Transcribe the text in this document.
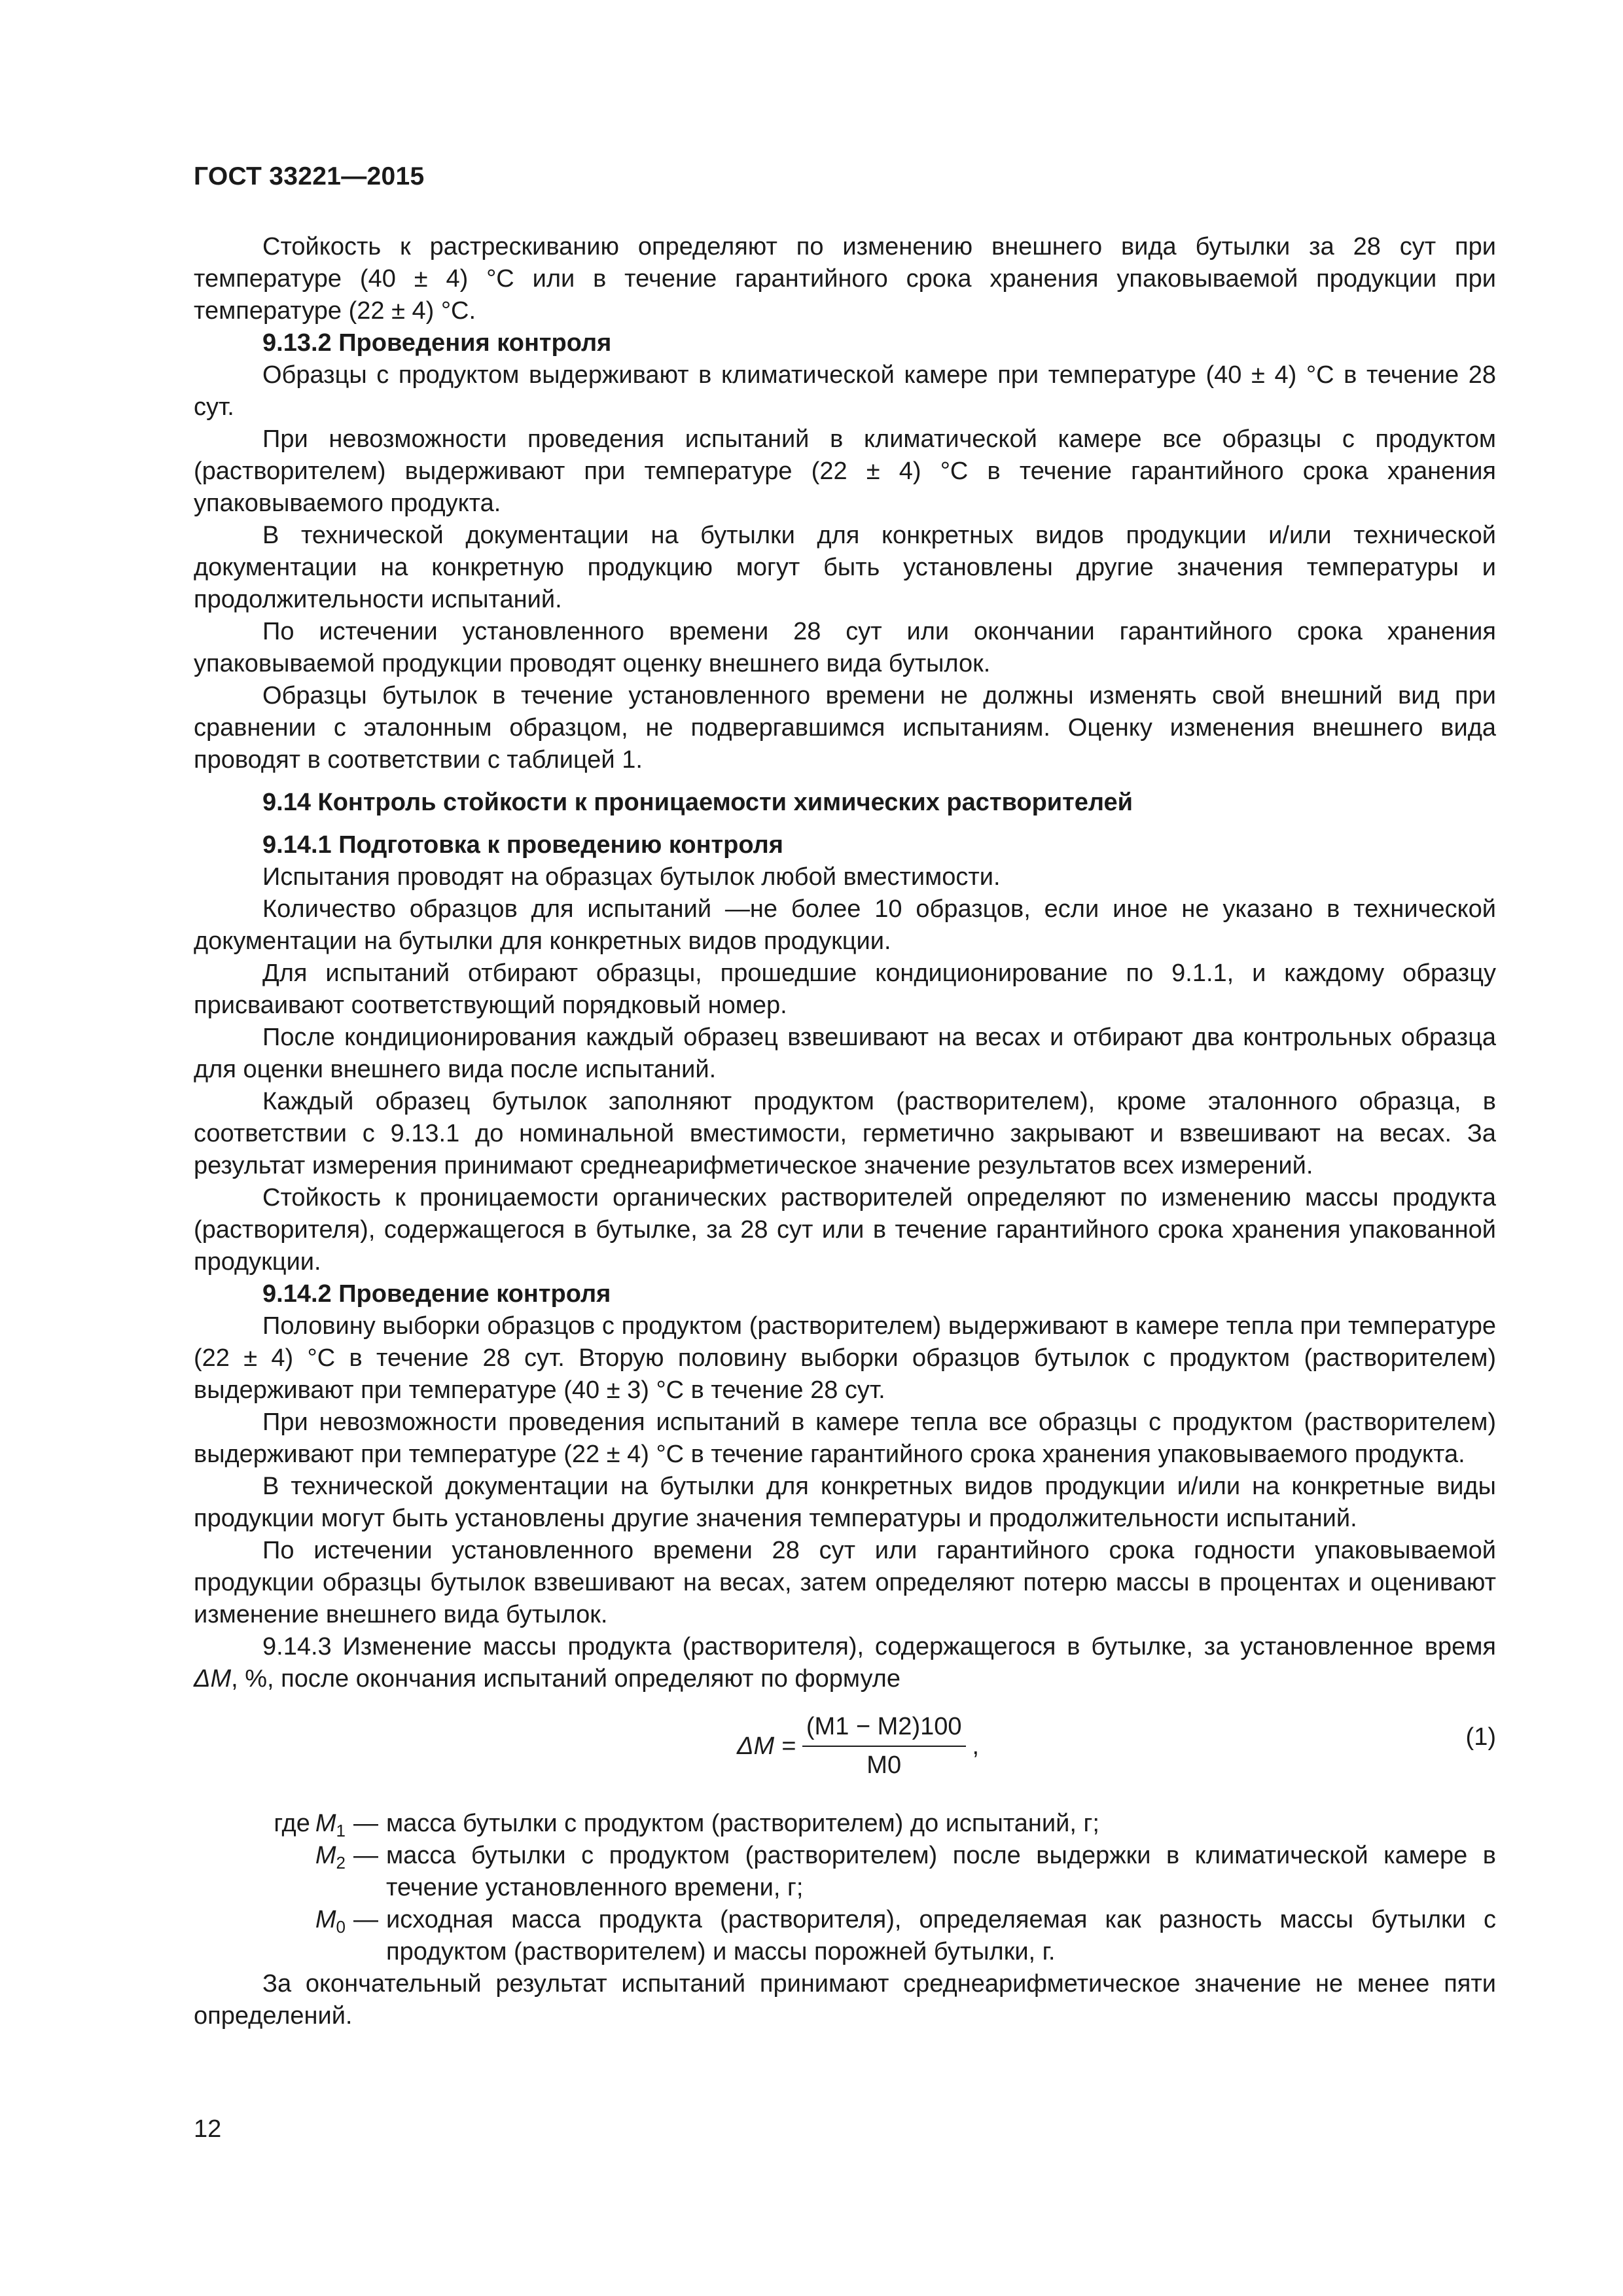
ГОСТ 33221—2015

Стойкость к растрескиванию определяют по изменению внешнего вида бутылки за 28 сут при температуре (40 ± 4) °С или в течение гарантийного срока хранения упаковываемой продукции при температуре (22 ± 4) °С.

9.13.2 Проведения контроля

Образцы с продуктом выдерживают в климатической камере при температуре (40 ± 4) °С в течение 28 сут.

При невозможности проведения испытаний в климатической камере все образцы с продуктом (растворителем) выдерживают при температуре (22 ± 4) °С в течение гарантийного срока хранения упаковываемого продукта.

В технической документации на бутылки для конкретных видов продукции и/или технической документации на конкретную продукцию могут быть установлены другие значения температуры и продолжительности испытаний.

По истечении установленного времени 28 сут или окончании гарантийного срока хранения упаковываемой продукции проводят оценку внешнего вида бутылок.

Образцы бутылок в течение установленного времени не должны изменять свой внешний вид при сравнении с эталонным образцом, не подвергавшимся испытаниям. Оценку изменения внешнего вида проводят в соответствии с таблицей 1.

9.14 Контроль стойкости к проницаемости химических растворителей

9.14.1 Подготовка к проведению контроля

Испытания проводят на образцах бутылок любой вместимости.

Количество образцов для испытаний —не более 10 образцов, если иное не указано в технической документации на бутылки для конкретных видов продукции.

Для испытаний отбирают образцы, прошедшие кондиционирование по 9.1.1, и каждому образцу присваивают соответствующий порядковый номер.

После кондиционирования каждый образец взвешивают на весах и отбирают два контрольных образца для оценки внешнего вида после испытаний.

Каждый образец бутылок заполняют продуктом (растворителем), кроме эталонного образца, в соответствии с 9.13.1 до номинальной вместимости, герметично закрывают и взвешивают на весах. За результат измерения принимают среднеарифметическое значение результатов всех измерений.

Стойкость к проницаемости органических растворителей определяют по изменению массы продукта (растворителя), содержащегося в бутылке, за 28 сут или в течение гарантийного срока хранения упакованной продукции.

9.14.2 Проведение контроля

Половину выборки образцов с продуктом (растворителем) выдерживают в камере тепла при температуре (22 ± 4) °С в течение 28 сут. Вторую половину выборки образцов бутылок с продуктом (растворителем) выдерживают при температуре (40 ± 3) °С в течение 28 сут.

При невозможности проведения испытаний в камере тепла все образцы с продуктом (растворителем) выдерживают при температуре (22 ± 4) °С в течение гарантийного срока хранения упаковываемого продукта.

В технической документации на бутылки для конкретных видов продукции и/или на конкретные виды продукции могут быть установлены другие значения температуры и продолжительности испытаний.

По истечении установленного времени 28 сут или гарантийного срока годности упаковываемой продукции образцы бутылок взвешивают на весах, затем определяют потерю массы в процентах и оценивают изменение внешнего вида бутылок.

9.14.3 Изменение массы продукта (растворителя), содержащегося в бутылке, за установленное время ΔM, %, после окончания испытаний определяют по формуле

$\Delta M = \frac{(M1 - M2)100}{M0}$ ,	(1)
где $M_1$ — масса бутылки с продуктом (растворителем) до испытаний, г;
$M_2$ — масса бутылки с продуктом (растворителем) после выдержки в климатической камере в течение установленного времени, г;
$M_0$ — исходная масса продукта (растворителя), определяемая как разность массы бутылки с продуктом (растворителем) и массы порожней бутылки, г.

За окончательный результат испытаний принимают среднеарифметическое значение не менее пяти определений.

12
